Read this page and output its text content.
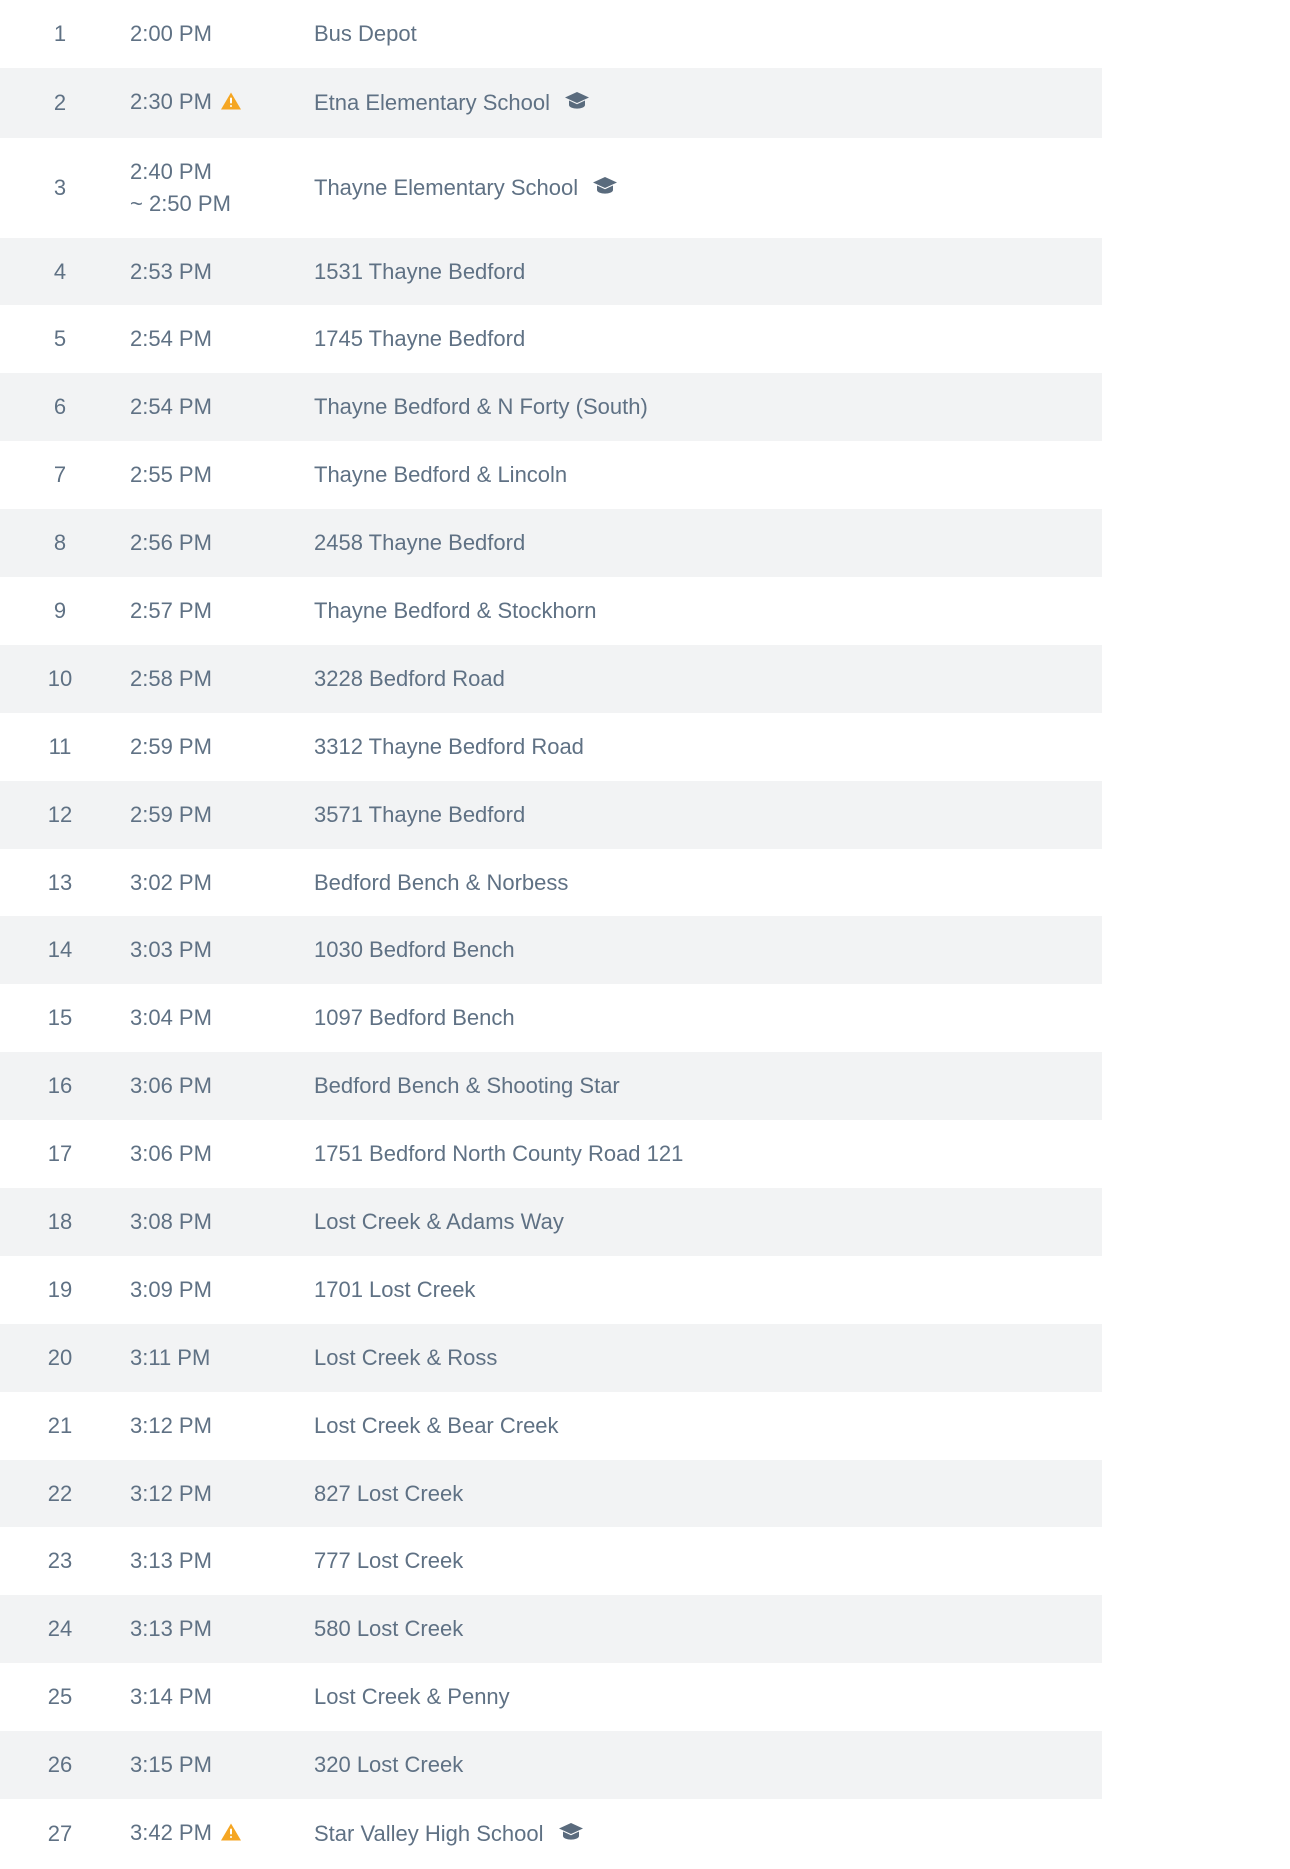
1	2:00 PM	Bus Depot

2	2:30 PM	Etna Elementary School

3	2:40 PM
~ 2:50 PM	Thayne Elementary School

4	2:53 PM	1531 Thayne Bedford

5	2:54 PM	1745 Thayne Bedford

6	2:54 PM	Thayne Bedford & N Forty (South)

7	2:55 PM	Thayne Bedford & Lincoln

8	2:56 PM	2458 Thayne Bedford

9	2:57 PM	Thayne Bedford & Stockhorn

10	2:58 PM	3228 Bedford Road

11	2:59 PM	3312 Thayne Bedford Road

12	2:59 PM	3571 Thayne Bedford

13	3:02 PM	Bedford Bench & Norbess

14	3:03 PM	1030 Bedford Bench

15	3:04 PM	1097 Bedford Bench

16	3:06 PM	Bedford Bench & Shooting Star

17	3:06 PM	1751 Bedford North County Road 121

18	3:08 PM	Lost Creek & Adams Way

19	3:09 PM	1701 Lost Creek

20	3:11 PM	Lost Creek & Ross

21	3:12 PM	Lost Creek & Bear Creek

22	3:12 PM	827 Lost Creek

23	3:13 PM	777 Lost Creek

24	3:13 PM	580 Lost Creek

25	3:14 PM	Lost Creek & Penny

26	3:15 PM	320 Lost Creek

27	3:42 PM	Star Valley High School
